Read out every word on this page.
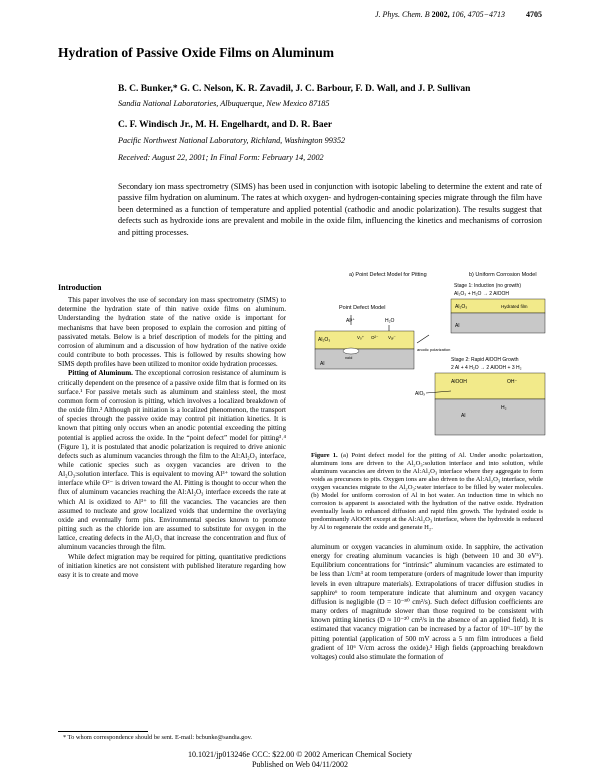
J. Phys. Chem. B 2002, 106, 4705−4713	4705
Hydration of Passive Oxide Films on Aluminum
B. C. Bunker,* G. C. Nelson, K. R. Zavadil, J. C. Barbour, F. D. Wall, and J. P. Sullivan
Sandia National Laboratories, Albuquerque, New Mexico 87185
C. F. Windisch Jr., M. H. Engelhardt, and D. R. Baer
Pacific Northwest National Laboratory, Richland, Washington 99352
Received: August 22, 2001; In Final Form: February 14, 2002
Secondary ion mass spectrometry (SIMS) has been used in conjunction with isotopic labeling to determine the extent and rate of passive film hydration on aluminum. The rates at which oxygen- and hydrogen-containing species migrate through the film have been determined as a function of temperature and applied potential (cathodic and anodic polarization). The results suggest that defects such as hydroxide ions are prevalent and mobile in the oxide film, influencing the kinetics and mechanisms of corrosion and pitting processes.
Introduction

This paper involves the use of secondary ion mass spectrometry (SIMS) to determine the hydration state of thin native oxide films on aluminum. Understanding the hydration state of the native oxide is important for mechanisms that have been proposed to explain the corrosion and pitting of passivated metals. Below is a brief description of models for the pitting and corrosion of aluminum and a discussion of how hydration of the native oxide could contribute to both processes. This is followed by results showing how SIMS depth profiles have been utilized to monitor oxide hydration processes.

Pitting of Aluminum. The exceptional corrosion resistance of aluminum is critically dependent on the presence of a passive oxide film that is formed on its surface.¹ For passive metals such as aluminum and stainless steel, the most common form of corrosion is pitting, which involves a localized breakdown of the oxide film.² Although pit initiation is a localized phenomenon, the transport of species through the passive oxide may control pit initiation kinetics. It is known that pitting only occurs when an anodic potential exceeding the pitting potential is applied across the oxide. In the “point defect” model for pitting³˒⁴ (Figure 1), it is postulated that anodic polarization is required to drive anionic defects such as aluminum vacancies through the film to the Al:Al₂O₃ interface, while cationic species such as oxygen vacancies are driven to the Al₂O₃:solution interface. This is equivalent to moving Al³⁺ toward the solution interface while O²⁻ is driven toward the Al. Pitting is thought to occur when the flux of aluminum vacancies reaching the Al:Al₂O₃ interface exceeds the rate at which Al is oxidized to Al³⁺ to fill the vacancies. The vacancies are then assumed to nucleate and grow localized voids that undermine the overlaying oxide and eventually form pits. Environmental species known to promote pitting such as the chloride ion are assumed to substitute for oxygen in the lattice, creating defects in the Al₂O₃ that increase the concentration and flux of aluminum vacancies through the film.

While defect migration may be required for pitting, quantitative predictions of initiation kinetics are not consistent with published literature regarding how easy it is to create and move

a) Point Defect Model for Pitting	b) Uniform Corrosion Model
Point Defect Model
Al³⁺	H₂O
Al₂O₃	Vₒ⁺ O²⁻ Vₐₗ⁻
Al
void
anodic polarization
Stage 1: Induction (no growth)
Al₂O₃ + H₂O → 2 AlOOH
Al₂O₃	Hydrated film
Al
Stage 2: Rapid AlOOH Growth
2 Al + 4 H₂O → 2 AlOOH + 3 H₂
AlOOH	OH⁻
AlOₓ
Al
H₂
Figure 1. (a) Point defect model for the pitting of Al. Under anodic polarization, aluminum ions are driven to the Al₂O₃:solution interface and into solution, while aluminum vacancies are driven to the Al:Al₂O₃ interface where they aggregate to form voids as precursors to pits. Oxygen ions are also driven to the Al:Al₂O₃ interface, while oxygen vacancies migrate to the Al₂O₃:water interface to be filled by water molecules. (b) Model for uniform corrosion of Al in hot water. An induction time in which no corrosion is apparent is associated with the hydration of the native oxide. Hydration eventually leads to enhanced diffusion and rapid film growth. The hydrated oxide is predominantly AlOOH except at the Al:Al₂O₃ interface, where the hydroxide is reduced by Al to regenerate the oxide and generate H₂.
aluminum or oxygen vacancies in aluminum oxide. In sapphire, the activation energy for creating aluminum vacancies is high (between 10 and 30 eV⁵). Equilibrium concentrations for “intrinsic” aluminum vacancies are estimated to be less than 1/cm³ at room temperature (orders of magnitude lower than impurity levels in even ultrapure materials). Extrapolations of tracer diffusion studies in sapphire⁶ to room temperature indicate that aluminum and oxygen vacancy diffusion is negligible (D = 10⁻⁸⁰ cm²/s). Such defect diffusion coefficients are many orders of magnitude slower than those required to be consistent with known pitting kinetics (D ≈ 10⁻²⁰ cm²/s in the absence of an applied field). It is estimated that vacancy migration can be increased by a factor of 10⁶–10⁷ by the pitting potential (application of 500 mV across a 5 nm film introduces a field gradient of 10⁶ V/cm across the oxide).³ High fields (approaching breakdown voltages) could also stimulate the formation of
* To whom correspondence should be sent. E-mail: bcbunke@sandia.gov.
10.1021/jp013246e CCC: $22.00 © 2002 American Chemical Society
Published on Web 04/11/2002
